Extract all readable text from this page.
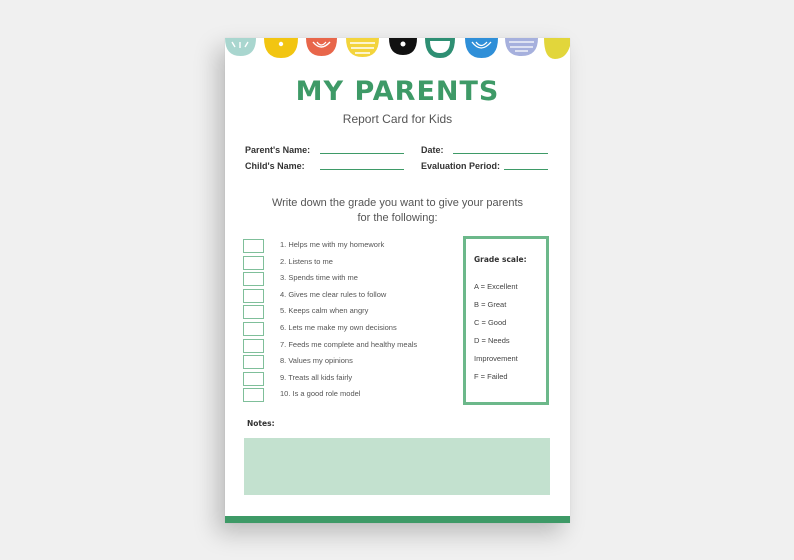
MY PARENTS
Report Card for Kids
Parent's Name:	Date:
Child's Name:	Evaluation Period:
Write down the grade you want to give your parents
for the following:
1. Helps me with my homework
2. Listens to me
3. Spends time with me
4. Gives me clear rules to follow
5. Keeps calm when angry
6. Lets me make my own decisions
7. Feeds me complete and healthy meals
8. Values my opinions
9. Treats all kids fairly
10. Is a good role model
Grade scale:
A = Excellent
B = Great
C = Good
D = Needs
Improvement
F = Failed
Notes:
